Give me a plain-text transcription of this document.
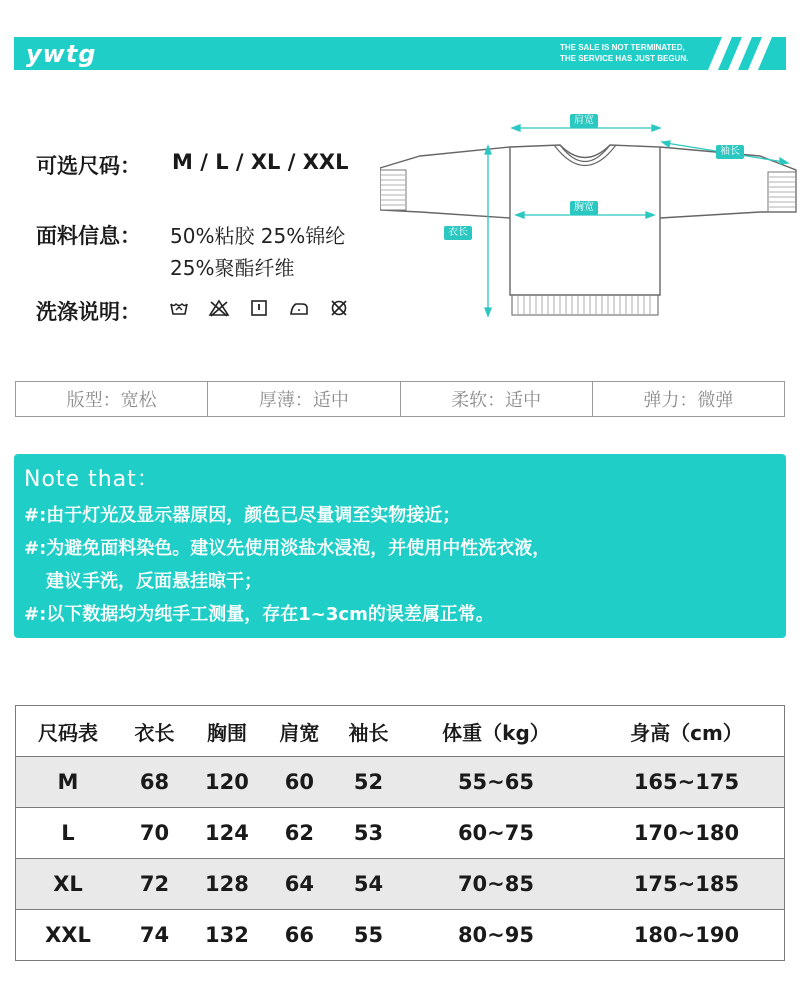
ywtg	THE SALE IS NOT TERMINATED,
THE SERVICE HAS JUST BEGUN.
可选尺码： M / L / XL / XXL
面料信息： 50%粘胶 25%锦纶
25%聚酯纤维
洗涤说明：
肩宽
袖长
胸宽
衣长
版型：宽松	厚薄：适中	柔软：适中	弹力：微弹
Note that：
#:由于灯光及显示器原因，颜色已尽量调至实物接近；
#:为避免面料染色。建议先使用淡盐水浸泡，并使用中性洗衣液，
建议手洗，反面悬挂晾干；
#:以下数据均为纯手工测量，存在1~3cm的误差属正常。
尺码表	衣长	胸围	肩宽	袖长	体重（kg）	身高（cm）
M	68	120	60	52	55~65	165~175
L	70	124	62	53	60~75	170~180
XL	72	128	64	54	70~85	175~185
XXL	74	132	66	55	80~95	180~190
